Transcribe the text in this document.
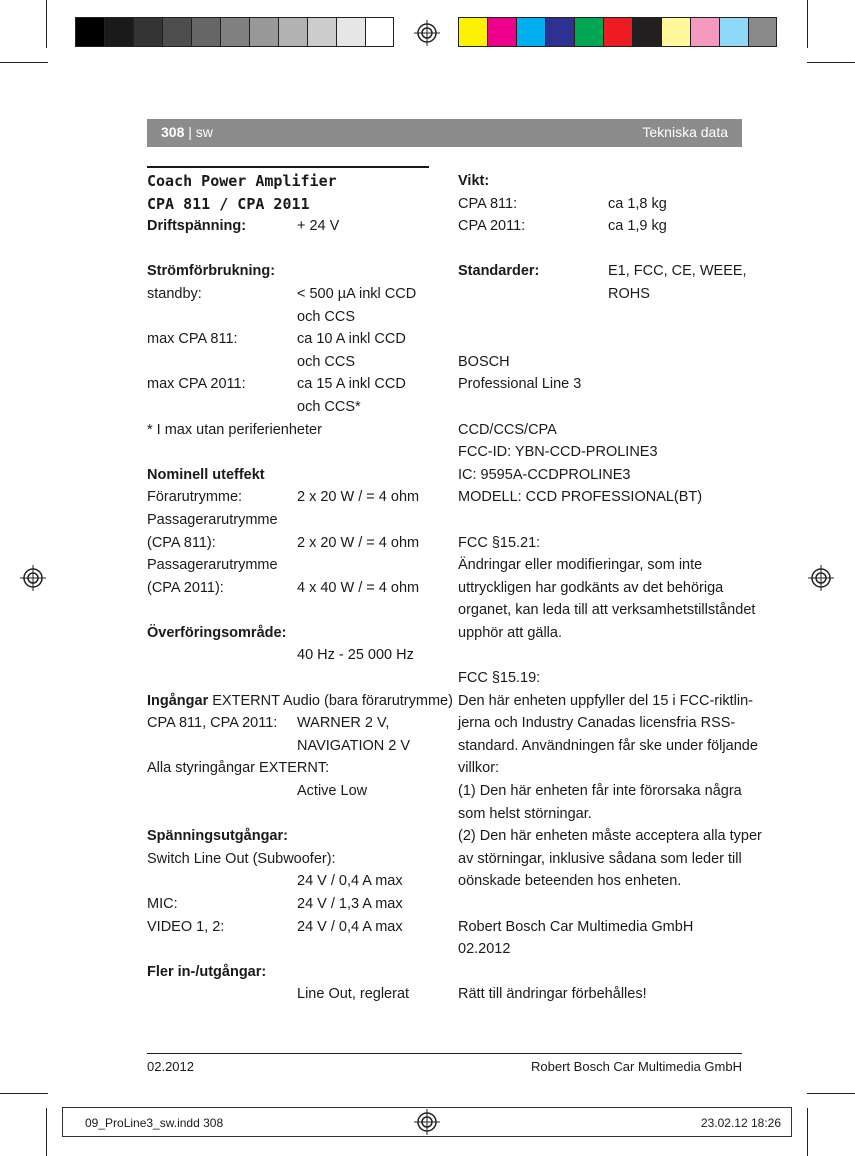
308 | sw	Tekniska data
Coach Power Amplifier
CPA 811 / CPA 2011
Driftspänning:	+ 24 V
Strömförbrukning:
standby:	< 500 µA inkl CCD
och CCS
max CPA 811:	ca 10 A inkl CCD
och CCS
max CPA 2011:	ca 15 A inkl CCD
och CCS*
* I max utan periferienheter
Nominell uteffekt
Förarutrymme:	2 x 20 W / = 4 ohm
Passagerarutrymme
(CPA 811):	2 x 20 W / = 4 ohm
Passagerarutrymme
(CPA 2011):	4 x 40 W / = 4 ohm
Överföringsområde:
40 Hz - 25 000 Hz
Ingångar EXTERNT Audio (bara förarutrymme)
CPA 811, CPA 2011: WARNER 2 V,
NAVIGATION 2 V
Alla styringångar EXTERNT:
Active Low
Spänningsutgångar:
Switch Line Out (Subwoofer):
24 V / 0,4 A max
MIC:	24 V / 1,3 A max
VIDEO 1, 2:	24 V / 0,4 A max
Fler in-/utgångar:
Line Out, reglerat
Vikt:
CPA 811:	ca 1,8 kg
CPA 2011:	ca 1,9 kg
Standarder:	E1, FCC, CE, WEEE,
ROHS
BOSCH
Professional Line 3
CCD/CCS/CPA
FCC-ID: YBN-CCD-PROLINE3
IC: 9595A-CCDPROLINE3
MODELL: CCD PROFESSIONAL(BT)
FCC §15.21:
Ändringar eller modifieringar, som inte
uttryckligen har godkänts av det behöriga
organet, kan leda till att verksamhetstillståndet
upphör att gälla.
FCC §15.19:
Den här enheten uppfyller del 15 i FCC-riktlin-
jerna och Industry Canadas licensfria RSS-
standard. Användningen får ske under följande
villkor:
(1) Den här enheten får inte förorsaka några
som helst störningar.
(2) Den här enheten måste acceptera alla typer
av störningar, inklusive sådana som leder till
oönskade beteenden hos enheten.
Robert Bosch Car Multimedia GmbH
02.2012
Rätt till ändringar förbehålles!
02.2012	Robert Bosch Car Multimedia GmbH
09_ProLine3_sw.indd 308	23.02.12 18:26
